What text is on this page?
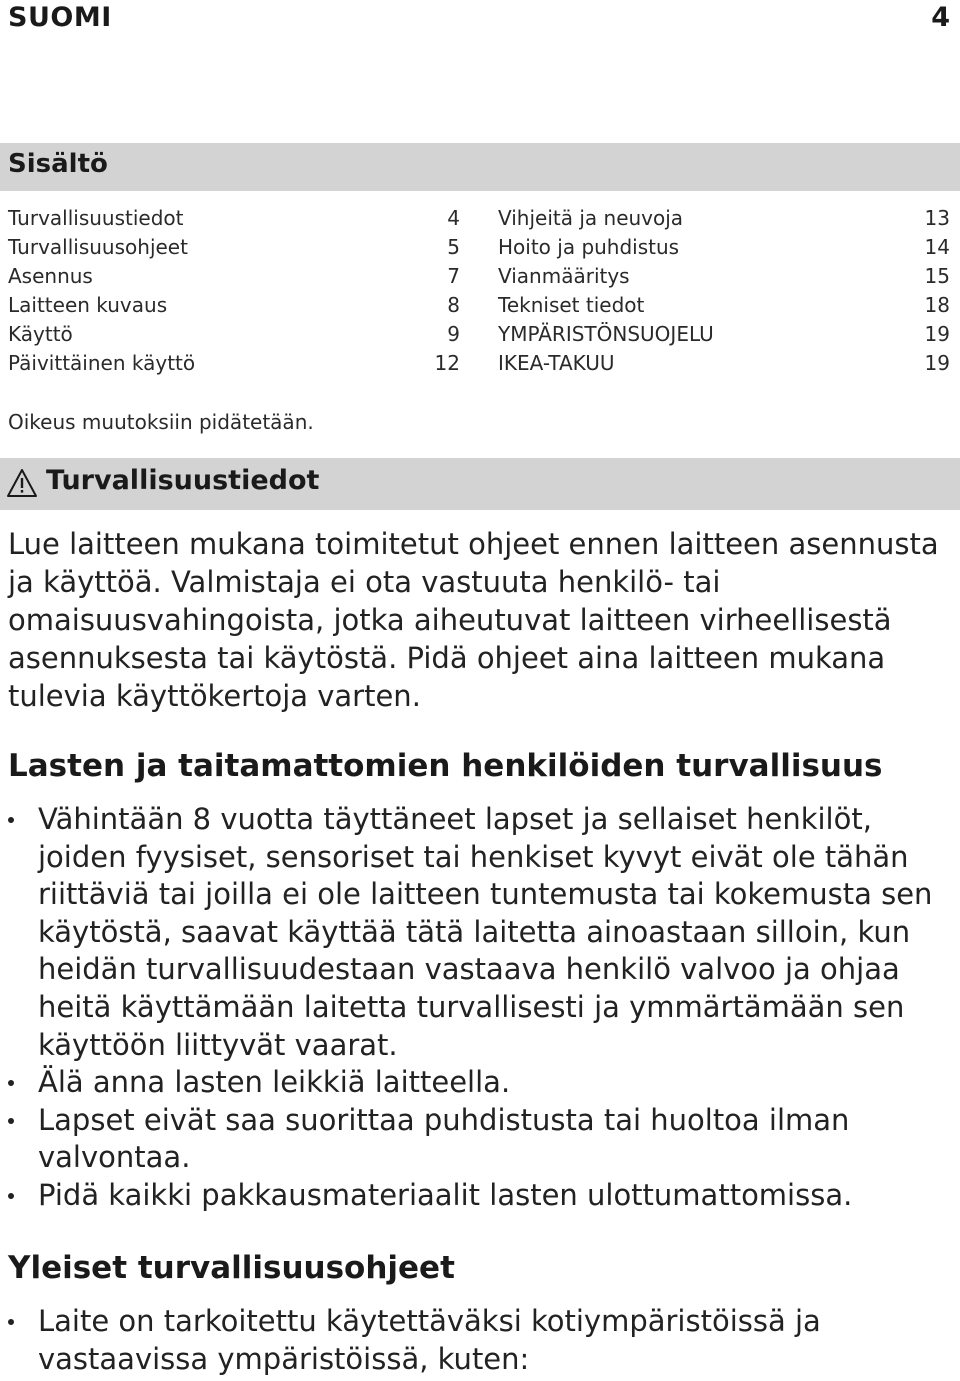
SUOMI	4
Sisältö
Turvallisuustiedot	4
Turvallisuusohjeet	5
Asennus	7
Laitteen kuvaus	8
Käyttö	9
Päivittäinen käyttö	12
Vihjeitä ja neuvoja	13
Hoito ja puhdistus	14
Vianmääritys	15
Tekniset tiedot	18
YMPÄRISTÖNSUOJELU	19
IKEA-TAKUU	19
Oikeus muutoksiin pidätetään.
Turvallisuustiedot
Lue laitteen mukana toimitetut ohjeet ennen laitteen asennusta ja käyttöä. Valmistaja ei ota vastuuta henkilö- tai omaisuusvahingoista, jotka aiheutuvat laitteen virheellisestä asennuksesta tai käytöstä. Pidä ohjeet aina laitteen mukana tulevia käyttökertoja varten.
Lasten ja taitamattomien henkilöiden turvallisuus
Vähintään 8 vuotta täyttäneet lapset ja sellaiset henkilöt, joiden fyysiset, sensoriset tai henkiset kyvyt eivät ole tähän riittäviä tai joilla ei ole laitteen tuntemusta tai kokemusta sen käytöstä, saavat käyttää tätä laitetta ainoastaan silloin, kun heidän turvallisuudestaan vastaava henkilö valvoo ja ohjaa heitä käyttämään laitetta turvallisesti ja ymmärtämään sen käyttöön liittyvät vaarat.
Älä anna lasten leikkiä laitteella.
Lapset eivät saa suorittaa puhdistusta tai huoltoa ilman valvontaa.
Pidä kaikki pakkausmateriaalit lasten ulottumattomissa.
Yleiset turvallisuusohjeet
Laite on tarkoitettu käytettäväksi kotiympäristöissä ja vastaavissa ympäristöissä, kuten:
